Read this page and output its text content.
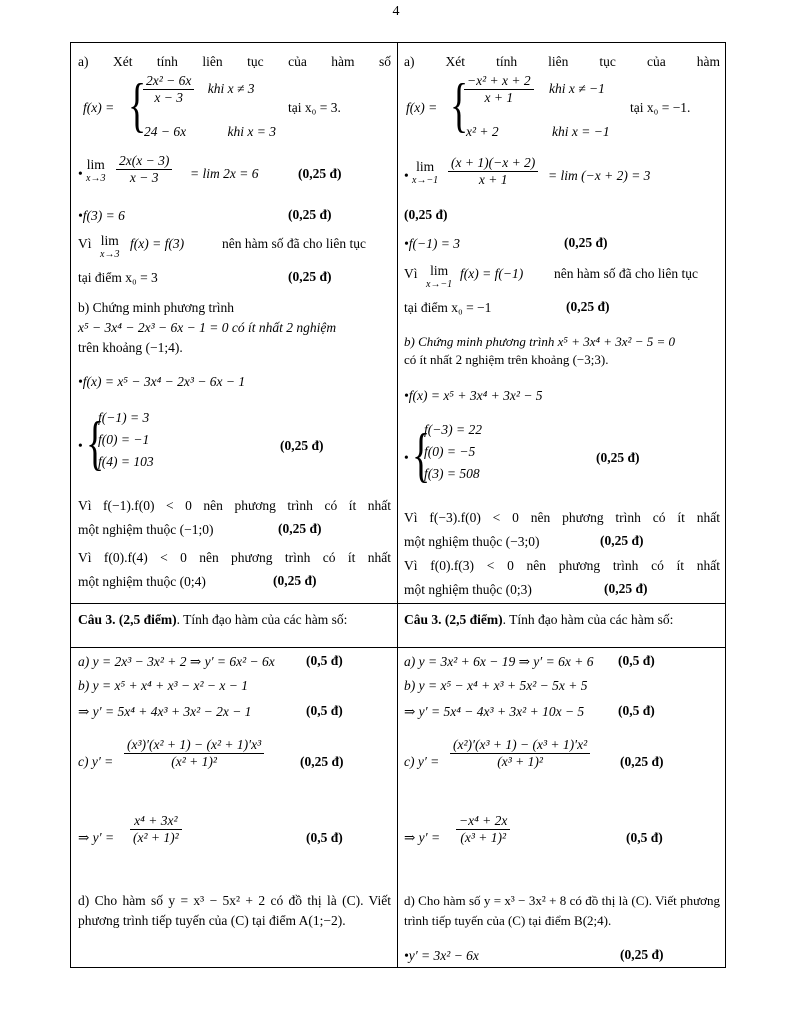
4
a) Xét tính liên tục của hàm số
f(x) = {
$\frac{\text{2x² − 6x}}{x - 3}$ khi x ≠ 3
24 − 6x	khi x = 3
tại x₀ = 3.
•
lim
$x\to 3 \frac{2x(x - 3)}{x - 3} = \lim 2x = 6$	(0,25 đ)
•f(3) = 6	(0,25 đ)
Vì lim
x→3
f(x) = f(3)	nên hàm số đã cho liên tục
tại điểm x₀ = 3	(0,25 đ)
b) Chứng minh phương trình
x⁵ − 3x⁴ − 2x³ − 6x − 1 = 0 có ít nhất 2 nghiệm
trên khoảng (−1;4).
•f(x) = x⁵ − 3x⁴ − 2x³ − 6x − 1
• {
f(−1) = 3
f(0) = −1
f(4) = 103
(0,25 đ)
Vì f(−1).f(0) < 0 nên phương trình có ít nhất
một nghiệm thuộc (−1;0)	(0,25 đ)
Vì f(0).f(4) < 0 nên phương trình có ít nhất
một nghiệm thuộc (0;4)	(0,25 đ)
Câu 3. (2,5 điểm). Tính đạo hàm của các hàm số:
a) y = 2x³ − 3x² + 2 ⇒ y′ = 6x² − 6x	(0,5 đ)
b) y = x⁵ + x⁴ + x³ − x² − x − 1
⇒ y′ = 5x⁴ + 4x³ + 3x² − 2x − 1	(0,5 đ)
c) $y' = \frac{\text{(x³)′(x² + 1) − (x² + 1)′x³}}{\text{(x² + 1)²}}$	(0,25 đ)
⇒ $y' = \frac{\text{x⁴ + 3x²}}{\text{(x² + 1)²}}$	(0,5 đ)
d) Cho hàm số y = x³ − 5x² + 2 có đồ thị là (C). Viết phương trình tiếp tuyến của (C) tại điểm A(1;−2).
a) Xét tính liên tục của hàm
f(x) = {
$\frac{\text{−x² + x + 2}}{x + 1}$ khi x ≠ −1
x² + 2	khi x = −1
tại x₀ = −1.
•
lim
$x\to-1 \frac{(x + 1)(-x + 2)}{x + 1} = \lim (-x + 2) = 3$
(0,25 đ)
•f(−1) = 3	(0,25 đ)
Vì lim
x→−1
f(x) = f(−1) nên hàm số đã cho liên tục
tại điểm x₀ = −1	(0,25 đ)
b) Chứng minh phương trình x⁵ + 3x⁴ + 3x² − 5 = 0
có ít nhất 2 nghiệm trên khoảng (−3;3).
•f(x) = x⁵ + 3x⁴ + 3x² − 5
• {
f(−3) = 22
f(0) = −5
f(3) = 508
(0,25 đ)
Vì f(−3).f(0) < 0 nên phương trình có ít nhất
một nghiệm thuộc (−3;0)	(0,25 đ)
Vì f(0).f(3) < 0 nên phương trình có ít nhất
một nghiệm thuộc (0;3)	(0,25 đ)
Câu 3. (2,5 điểm). Tính đạo hàm của các hàm số:
a) y = 3x² + 6x − 19 ⇒ y′ = 6x + 6	(0,5 đ)
b) y = x⁵ − x⁴ + x³ + 5x² − 5x + 5
⇒ y′ = 5x⁴ − 4x³ + 3x² + 10x − 5	(0,5 đ)
c) $y' = \frac{\text{(x²)′(x³ + 1) − (x³ + 1)′x²}}{\text{(x³ + 1)²}} (0,25$ đ)
⇒ $y' = \frac{\text{−x⁴ + 2x}}{\text{(x³ + 1)²}}$	(0,5 đ)
d) Cho hàm số y = x³ − 3x² + 8 có đồ thị là (C). Viết phương trình tiếp tuyến của (C) tại điểm B(2;4).
•y′ = 3x² − 6x	(0,25 đ)
